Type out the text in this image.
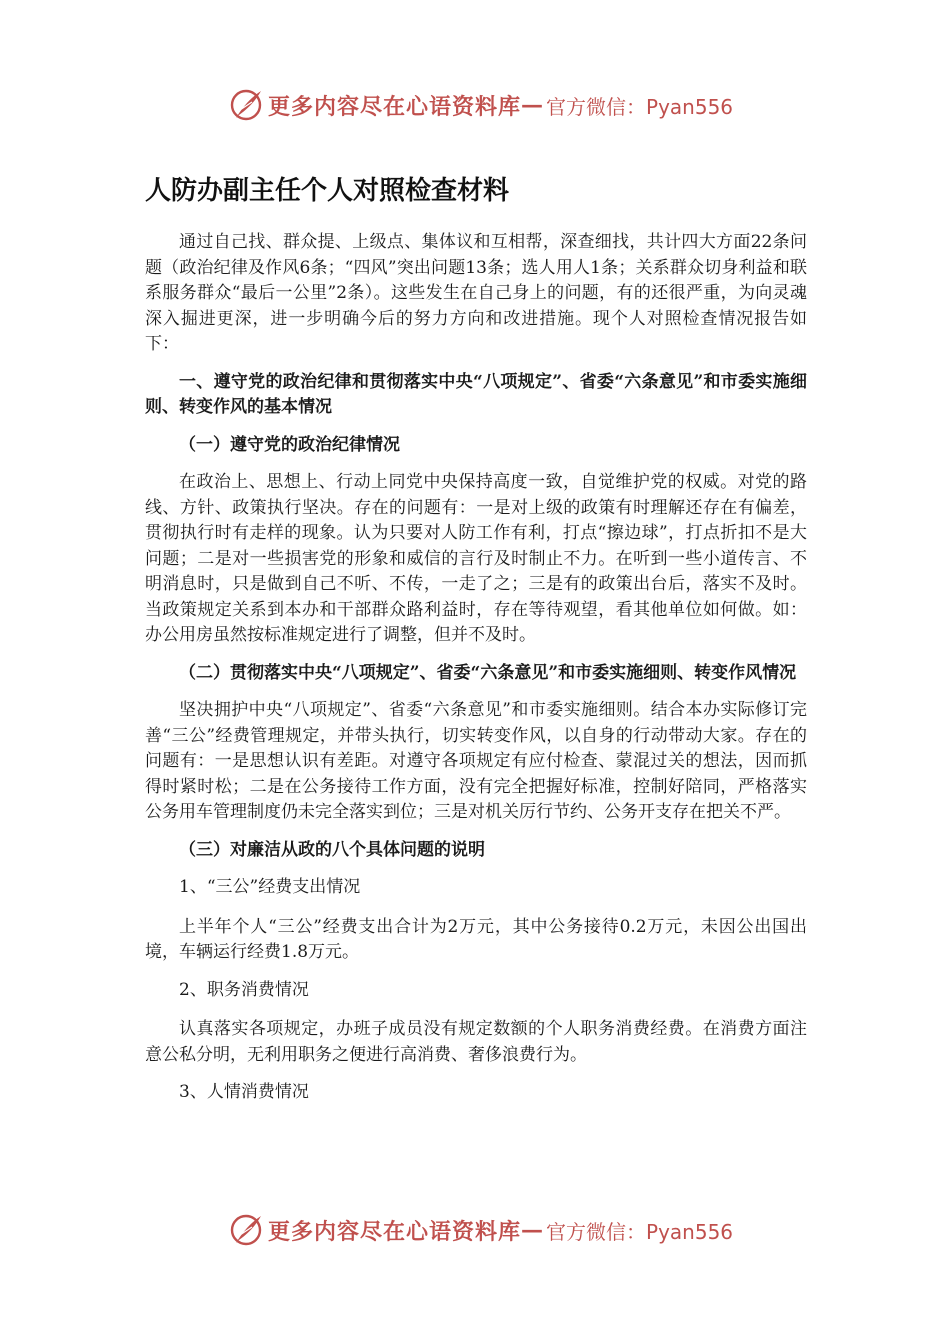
更多内容尽在心语资料库 — 官方微信：Pyan556
人防办副主任个人对照检查材料

通过自己找、群众提、上级点、集体议和互相帮，深查细找，共计四大方面22条问题（政治纪律及作风6条；“四风”突出问题13条；选人用人1条；关系群众切身利益和联系服务群众“最后一公里”2条）。这些发生在自己身上的问题，有的还很严重，为向灵魂深入掘进更深，进一步明确今后的努力方向和改进措施。现个人对照检查情况报告如下：

一、遵守党的政治纪律和贯彻落实中央“八项规定”、省委“六条意见”和市委实施细则、转变作风的基本情况

（一）遵守党的政治纪律情况

在政治上、思想上、行动上同党中央保持高度一致，自觉维护党的权威。对党的路线、方针、政策执行坚决。存在的问题有：一是对上级的政策有时理解还存在有偏差，贯彻执行时有走样的现象。认为只要对人防工作有利，打点“擦边球”，打点折扣不是大问题；二是对一些损害党的形象和威信的言行及时制止不力。在听到一些小道传言、不明消息时，只是做到自己不听、不传，一走了之；三是有的政策出台后，落实不及时。当政策规定关系到本办和干部群众路利益时，存在等待观望，看其他单位如何做。如：办公用房虽然按标准规定进行了调整，但并不及时。

（二）贯彻落实中央“八项规定”、省委“六条意见”和市委实施细则、转变作风情况

坚决拥护中央“八项规定”、省委“六条意见”和市委实施细则。结合本办实际修订完善“三公”经费管理规定，并带头执行，切实转变作风，以自身的行动带动大家。存在的问题有：一是思想认识有差距。对遵守各项规定有应付检查、蒙混过关的想法，因而抓得时紧时松；二是在公务接待工作方面，没有完全把握好标准，控制好陪同，严格落实公务用车管理制度仍未完全落实到位；三是对机关厉行节约、公务开支存在把关不严。

（三）对廉洁从政的八个具体问题的说明

1、“三公”经费支出情况

上半年个人“三公”经费支出合计为2万元，其中公务接待0.2万元，未因公出国出境，车辆运行经费1.8万元。

2、职务消费情况

认真落实各项规定，办班子成员没有规定数额的个人职务消费经费。在消费方面注意公私分明，无利用职务之便进行高消费、奢侈浪费行为。

3、人情消费情况

更多内容尽在心语资料库 — 官方微信：Pyan556
